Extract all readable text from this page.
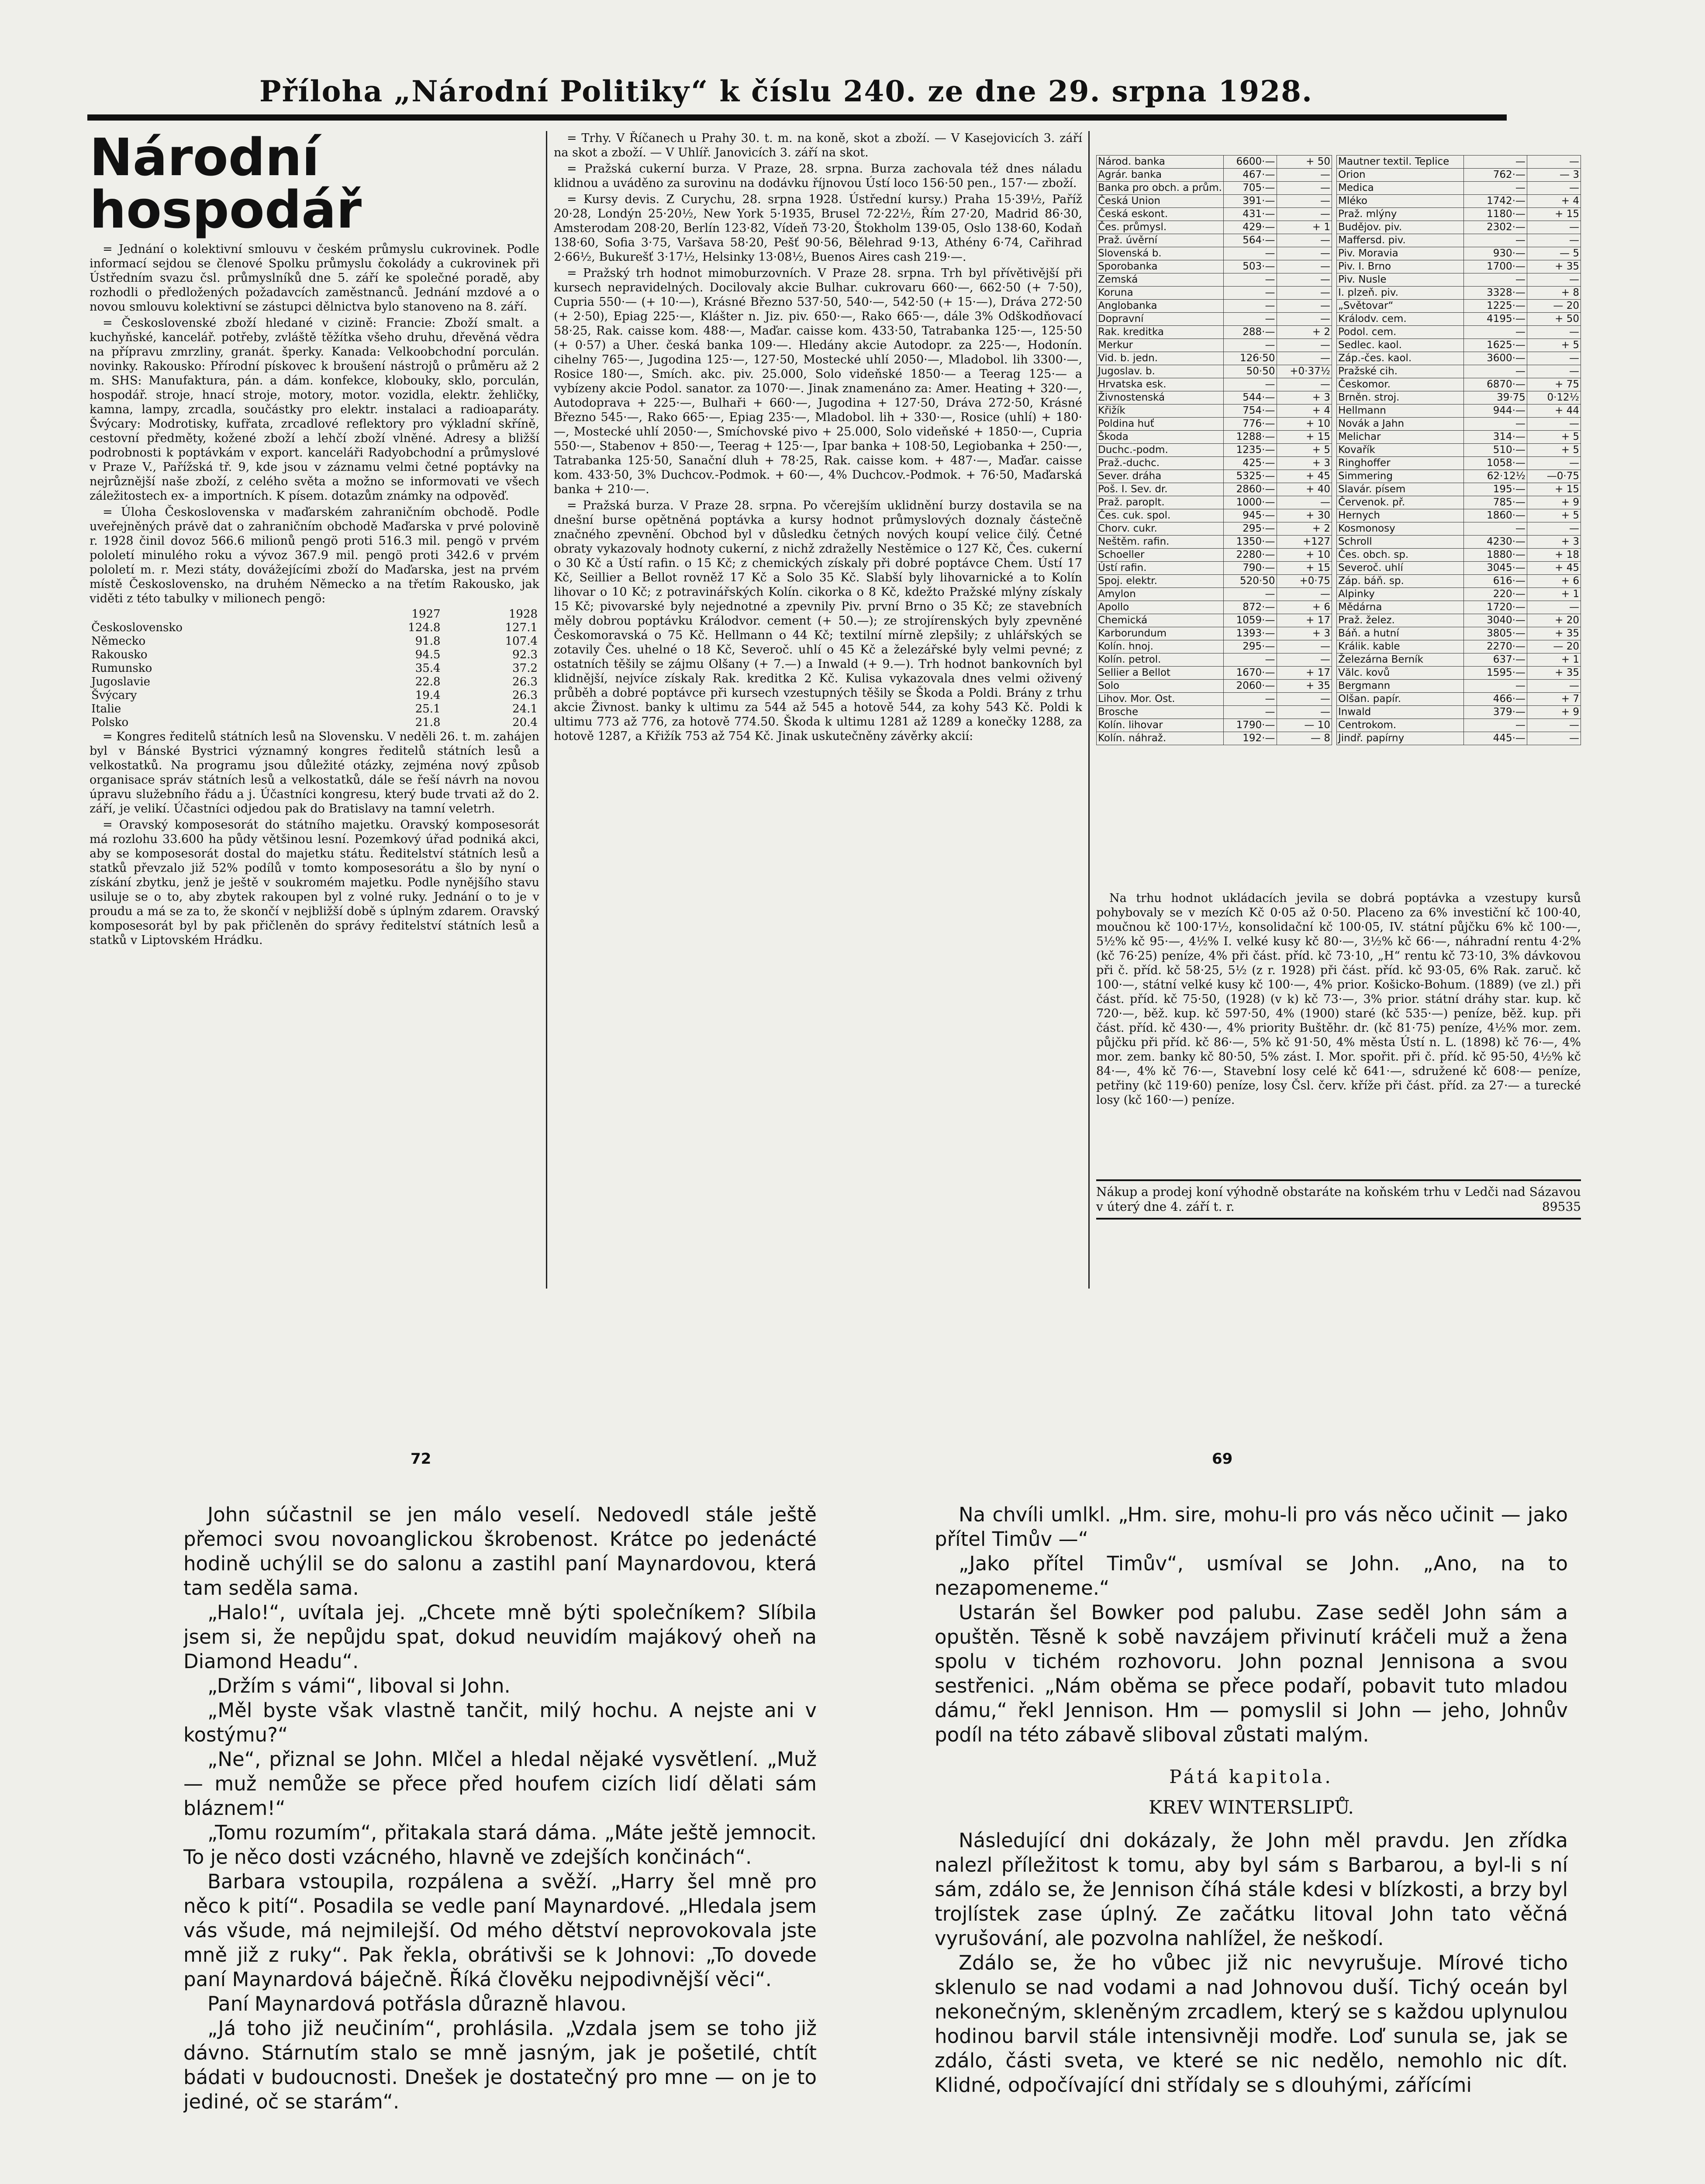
Příloha „Národní Politiky“ k číslu 240. ze dne 29. srpna 1928.
Národní hospodář

= Jednání o kolektivní smlouvu v českém průmyslu cukrovinek. Podle informací sejdou se členové Spolku průmyslu čokolády a cukrovinek při Ústředním svazu čsl. průmyslníků dne 5. září ke společné poradě, aby rozhodli o předložených požadavcích zaměstnanců. Jednání mzdové a o novou smlouvu kolektivní se zástupci dělnictva bylo stanoveno na 8. září.

= Československé zboží hledané v cizině: Francie: Zboží smalt. a kuchyňské, kancelář. potřeby, zvláště těžítka všeho druhu, dřevěná vědra na přípravu zmrzliny, granát. šperky. Kanada: Velkoobchodní porculán. novinky. Rakousko: Přírodní pískovec k broušení nástrojů o průměru až 2 m. SHS: Manufaktura, pán. a dám. konfekce, klobouky, sklo, porculán, hospodář. stroje, hnací stroje, motory, motor. vozidla, elektr. žehličky, kamna, lampy, zrcadla, součástky pro elektr. instalaci a radioaparáty. Švýcary: Modrotisky, kufřata, zrcadlové reflektory pro výkladní skříně, cestovní předměty, kožené zboží a lehčí zboží vlněné. Adresy a bližší podrobnosti k poptávkám v export. kanceláři Radyobchodní a průmyslové v Praze V., Pařížská tř. 9, kde jsou v záznamu velmi četné poptávky na nejrůznější naše zboží, z celého světa a možno se informovati ve všech záležitostech ex- a importních. K písem. dotazům známky na odpověď.

= Úloha Československa v maďarském zahraničním obchodě. Podle uveřejněných právě dat o zahraničním obchodě Maďarska v prvé polovině r. 1928 činil dovoz 566.6 milionů pengö proti 516.3 mil. pengö v prvém pololetí minulého roku a vývoz 367.9 mil. pengö proti 342.6 v prvém pololetí m. r. Mezi státy, dovážejícími zboží do Maďarska, jest na prvém místě Československo, na druhém Německo a na třetím Rakousko, jak viděti z této tabulky v milionech pengö:

	1927	1928
Československo	124.8	127.1
Německo	91.8	107.4
Rakousko	94.5	92.3
Rumunsko	35.4	37.2
Jugoslavie	22.8	26.3
Švýcary	19.4	26.3
Italie	25.1	24.1
Polsko	21.8	20.4

= Kongres ředitelů státních lesů na Slovensku. V neděli 26. t. m. zahájen byl v Bánské Bystrici významný kongres ředitelů státních lesů a velkostatků. Na programu jsou důležité otázky, zejména nový způsob organisace správ státních lesů a velkostatků, dále se řeší návrh na novou úpravu služebního řádu a j. Účastníci kongresu, který bude trvati až do 2. září, je velikí. Účastníci odjedou pak do Bratislavy na tamní veletrh.

= Oravský komposesorát do státního majetku. Oravský komposesorát má rozlohu 33.600 ha půdy většinou lesní. Pozemkový úřad podniká akci, aby se komposesorát dostal do majetku státu. Ředitelství státních lesů a statků převzalo již 52% podílů v tomto komposesorátu a šlo by nyní o získání zbytku, jenž je ještě v soukromém majetku. Podle nynějšího stavu usiluje se o to, aby zbytek rakoupen byl z volné ruky. Jednání o to je v proudu a má se za to, že skončí v nejbližší době s úplným zdarem. Oravský komposesorát byl by pak přičleněn do správy ředitelství státních lesů a statků v Liptovském Hrádku.

= Trhy. V Říčanech u Prahy 30. t. m. na koně, skot a zboží. — V Kasejovicích 3. září na skot a zboží. — V Uhlíř. Janovicích 3. září na skot.

= Pražská cukerní burza. V Praze, 28. srpna. Burza zachovala též dnes náladu klidnou a uváděno za surovinu na dodávku říjnovou Ústí loco 156·50 pen., 157·— zboží.

= Kursy devis. Z Curychu, 28. srpna 1928. Ústřední kursy.) Praha 15·39½, Paříž 20·28, Londýn 25·20½, New York 5·1935, Brusel 72·22½, Řím 27·20, Madrid 86·30, Amsterodam 208·20, Berlín 123·82, Vídeň 73·20, Štokholm 139·05, Oslo 138·60, Kodaň 138·60, Sofia 3·75, Varšava 58·20, Pešť 90·56, Bělehrad 9·13, Athény 6·74, Cařihrad 2·66½, Bukurešť 3·17½, Helsinky 13·08½, Buenos Aires cash 219·—.

= Pražský trh hodnot mimoburzovních. V Praze 28. srpna. Trh byl přívětivější při kursech nepravidelných. Docilovaly akcie Bulhar. cukrovaru 660·—, 662·50 (+ 7·50), Cupria 550·— (+ 10·—), Krásné Březno 537·50, 540·—, 542·50 (+ 15·—), Dráva 272·50 (+ 2·50), Epiag 225·—, Klášter n. Jiz. piv. 650·—, Rako 665·—, dále 3% Odškodňovací 58·25, Rak. caisse kom. 488·—, Maďar. caisse kom. 433·50, Tatrabanka 125·—, 125·50 (+ 0·57) a Uher. česká banka 109·—. Hledány akcie Autodopr. za 225·—, Hodonín. cihelny 765·—, Jugodina 125·—, 127·50, Mostecké uhlí 2050·—, Mladobol. lih 3300·—, Rosice 180·—, Smích. akc. piv. 25.000, Solo videňské 1850·— a Teerag 125·— a vybízeny akcie Podol. sanator. za 1070·—. Jinak znamenáno za: Amer. Heating + 320·—, Autodoprava + 225·—, Bulhaři + 660·—, Jugodina + 127·50, Dráva 272·50, Krásné Březno 545·—, Rako 665·—, Epiag 235·—, Mladobol. lih + 330·—, Rosice (uhlí) + 180·—, Mostecké uhlí 2050·—, Smíchovské pivo + 25.000, Solo videňské + 1850·—, Cupria 550·—, Stabenov + 850·—, Teerag + 125·—, Ipar banka + 108·50, Legiobanka + 250·—, Tatrabanka 125·50, Sanační dluh + 78·25, Rak. caisse kom. + 487·—, Maďar. caisse kom. 433·50, 3% Duchcov.-Podmok. + 60·—, 4% Duchcov.-Podmok. + 76·50, Maďarská banka + 210·—.

= Pražská burza. V Praze 28. srpna. Po včerejším uklidnění burzy dostavila se na dnešní burse opětněná poptávka a kursy hodnot průmyslových doznaly částečně značného zpevnění. Obchod byl v důsledku četných nových koupí velice čilý. Četné obraty vykazovaly hodnoty cukerní, z nichž zdraželly Nestěmice o 127 Kč, Čes. cukerní o 30 Kč a Ústí rafin. o 15 Kč; z chemických získaly při dobré poptávce Chem. Ústí 17 Kč, Seillier a Bellot rovněž 17 Kč a Solo 35 Kč. Slabší byly lihovarnické a to Kolín lihovar o 10 Kč; z potravinářských Kolín. cikorka o 8 Kč, kdežto Pražské mlýny získaly 15 Kč; pivovarské byly nejednotné a zpevnily Piv. první Brno o 35 Kč; ze stavebních měly dobrou poptávku Králodvor. cement (+ 50.—); ze strojírenských byly zpevněné Českomoravská o 75 Kč. Hellmann o 44 Kč; textilní mírně zlepšily; z uhlářských se zotavily Čes. uhelné o 18 Kč, Severoč. uhlí o 45 Kč a železářské byly velmi pevné; z ostatních těšily se zájmu Olšany (+ 7.—) a Inwald (+ 9.—). Trh hodnot bankovních byl klidnější, nejvíce získaly Rak. kreditka 2 Kč. Kulisa vykazovala dnes velmi oživený průběh a dobré poptávce při kursech vzestupných těšily se Škoda a Poldi. Brány z trhu akcie Živnost. banky k ultimu za 544 až 545 a hotově 544, za kohy 543 Kč. Poldi k ultimu 773 až 776, za hotově 774.50. Škoda k ultimu 1281 až 1289 a konečky 1288, za hotově 1287, a Křižík 753 až 754 Kč. Jinak uskutečněny závěrky akcií:

Národ. banka	6600·—	+ 50
Agrár. banka	467·—	—
Banka pro obch. a prům.	705·—	—
Česká Union	391·—	—
Česká eskont.	431·—	—
Čes. průmysl.	429·—	+ 1
Praž. úvěrní	564·—	—
Slovenská b.	—	—
Sporobanka	503·—	—
Zemská	—	—
Koruna	—	—
Anglobanka	—	—
Dopravní	—	—
Rak. kreditka	288·—	+ 2
Merkur	—	—
Vid. b. jedn.	126·50	—
Jugoslav. b.	50·50	+0·37½
Hrvatska esk.	—	—
Živnostenská	544·—	+ 3
Křižík	754·—	+ 4
Poldina huť	776·—	+ 10
Škoda	1288·—	+ 15
Duchc.-podm.	1235·—	+ 5
Praž.-duchc.	425·—	+ 3
Sever. dráha	5325·—	+ 45
Poš. I. Sev. dr.	2860·—	+ 40
Praž. paroplt.	1000·—	—
Čes. cuk. spol.	945·—	+ 30
Chorv. cukr.	295·—	+ 2
Neštěm. rafin.	1350·—	+127
Schoeller	2280·—	+ 10
Ústí rafin.	790·—	+ 15
Spoj. elektr.	520·50	+0·75
Amylon	—	—
Apollo	872·—	+ 6
Chemická	1059·—	+ 17
Karborundum	1393·—	+ 3
Kolín. hnoj.	295·—	—
Kolín. petrol.	—	—
Sellier a Bellot	1670·—	+ 17
Solo	2060·—	+ 35
Lihov. Mor. Ost.	—	—
Brosche	—	—
Kolín. lihovar	1790·—	— 10
Kolín. náhraž.	192·—	— 8
Mautner textil. Teplice	—	—
Orion	762·—	— 3
Medica	—	—
Mléko	1742·—	+ 4
Praž. mlýny	1180·—	+ 15
Budějov. piv.	2302·—	—
Maffersd. piv.	—	—
Piv. Moravia	930·—	— 5
Piv. I. Brno	1700·—	+ 35
Piv. Nusle	—	—
I. plzeň. piv.	3328·—	+ 8
„Světovar“	1225·—	— 20
Králodv. cem.	4195·—	+ 50
Podol. cem.	—	—
Sedlec. kaol.	1625·—	+ 5
Záp.-čes. kaol.	3600·—	—
Pražské cih.	—	—
Českomor.	6870·—	+ 75
Brněn. stroj.	39·75	0·12½
Hellmann	944·—	+ 44
Novák a Jahn	—	—
Melichar	314·—	+ 5
Kovařík	510·—	+ 5
Ringhoffer	1058·—	—
Simmering	62·12½	—0·75
Slavár. písem	195·—	+ 15
Červenok. př.	785·—	+ 9
Hernych	1860·—	+ 5
Kosmonosy	—	—
Schroll	4230·—	+ 3
Čes. obch. sp.	1880·—	+ 18
Severoč. uhlí	3045·—	+ 45
Záp. báň. sp.	616·—	+ 6
Alpinky	220·—	+ 1
Mědárna	1720·—	—
Praž. želez.	3040·—	+ 20
Báň. a hutní	3805·—	+ 35
Králik. kable	2270·—	— 20
Železárna Berník	637·—	+ 1
Vălc. kovů	1595·—	+ 35
Bergmann	—	—
Olšan. papír.	466·—	+ 7
Inwald	379·—	+ 9
Centrokom.	—	—
Jindř. papírny	445·—	—

Na trhu hodnot ukládacích jevila se dobrá poptávka a vzestupy kursů pohybovaly se v mezích Kč 0·05 až 0·50. Placeno za 6% investiční kč 100·40, moučnou kč 100·17½, konsolidační kč 100·05, IV. státní půjčku 6% kč 100·—, 5½% kč 95·—, 4½% I. velké kusy kč 80·—, 3½% kč 66·—, náhradní rentu 4·2% (kč 76·25) peníze, 4% při část. příd. kč 73·10, „H“ rentu kč 73·10, 3% dávkovou při č. příd. kč 58·25, 5½ (z r. 1928) při část. příd. kč 93·05, 6% Rak. zaruč. kč 100·—, státní velké kusy kč 100·—, 4% prior. Košicko-Bohum. (1889) (ve zl.) při část. příd. kč 75·50, (1928) (v k) kč 73·—, 3% prior. státní dráhy star. kup. kč 720·—, běž. kup. kč 597·50, 4% (1900) staré (kč 535·—) peníze, běž. kup. při část. příd. kč 430·—, 4% priority Buštěhr. dr. (kč 81·75) peníze, 4½% mor. zem. půjčku při příd. kč 86·—, 5% kč 91·50, 4% města Ústí n. L. (1898) kč 76·—, 4% mor. zem. banky kč 80·50, 5% zást. I. Mor. spořit. při č. příd. kč 95·50, 4½% kč 84·—, 4% kč 76·—, Stavební losy celé kč 641·—, sdružené kč 608·— peníze, petřiny (kč 119·60) peníze, losy Čsl. červ. kříže při část. příd. za 27·— a turecké losy (kč 160·—) peníze.

Nákup a prodej koní výhodně obstaráte na koňském trhu v Ledči nad Sázavou v úterý dne 4. září t. r.	89535
72	69

John súčastnil se jen málo veselí. Nedovedl stále ještě přemoci svou novoanglickou škrobenost. Krátce po jedenácté hodině uchýlil se do salonu a zastihl paní Maynardovou, která tam seděla sama.

„Halo!“, uvítala jej. „Chcete mně býti společníkem? Slíbila jsem si, že nepůjdu spat, dokud neuvidím majákový oheň na Diamond Headu“.

„Držím s vámi“, liboval si John.

„Měl byste však vlastně tančit, milý hochu. A nejste ani v kostýmu?“

„Ne“, přiznal se John. Mlčel a hledal nějaké vysvětlení. „Muž — muž nemůže se přece před houfem cizích lidí dělati sám bláznem!“

„Tomu rozumím“, přitakala stará dáma. „Máte ještě jemnocit. To je něco dosti vzácného, hlavně ve zdejších končinách“.

Barbara vstoupila, rozpálena a svěží. „Harry šel mně pro něco k pití“. Posadila se vedle paní Maynardové. „Hledala jsem vás všude, má nejmilejší. Od mého dětství neprovokovala jste mně již z ruky“. Pak řekla, obrátivši se k Johnovi: „To dovede paní Maynardová báječně. Říká člověku nejpodivnější věci“.

Paní Maynardová potřásla důrazně hlavou.

„Já toho již neučiním“, prohlásila. „Vzdala jsem se toho již dávno. Stárnutím stalo se mně jasným, jak je pošetilé, chtít bádati v budoucnosti. Dnešek je dostatečný pro mne — on je to jediné, oč se starám“.

Na chvíli umlkl. „Hm. sire, mohu-li pro vás něco učinit — jako přítel Timův —“

„Jako přítel Timův“, usmíval se John. „Ano, na to nezapomeneme.“

Ustarán šel Bowker pod palubu. Zase seděl John sám a opuštěn. Těsně k sobě navzájem přivinutí kráčeli muž a žena spolu v tichém rozhovoru. John poznal Jennisona a svou sestřenici. „Nám oběma se přece podaří, pobavit tuto mladou dámu,“ řekl Jennison. Hm — pomyslil si John — jeho, Johnův podíl na této zábavě sliboval zůstati malým.

Pátá kapitola.
KREV WINTERSLIPŮ.

Následující dni dokázaly, že John měl pravdu. Jen zřídka nalezl příležitost k tomu, aby byl sám s Barbarou, a byl-li s ní sám, zdálo se, že Jennison číhá stále kdesi v blízkosti, a brzy byl trojlístek zase úplný. Ze začátku litoval John tato věčná vyrušování, ale pozvolna nahlížel, že neškodí.

Zdálo se, že ho vůbec již nic nevyrušuje. Mírové ticho sklenulo se nad vodami a nad Johnovou duší. Tichý oceán byl nekonečným, skleněným zrcadlem, který se s každou uplynulou hodinou barvil stále intensivněji modře. Loď sunula se, jak se zdálo, části sveta, ve které se nic nedělo, nemohlo nic dít. Klidné, odpočívající dni střídaly se s dlouhými, zářícími
